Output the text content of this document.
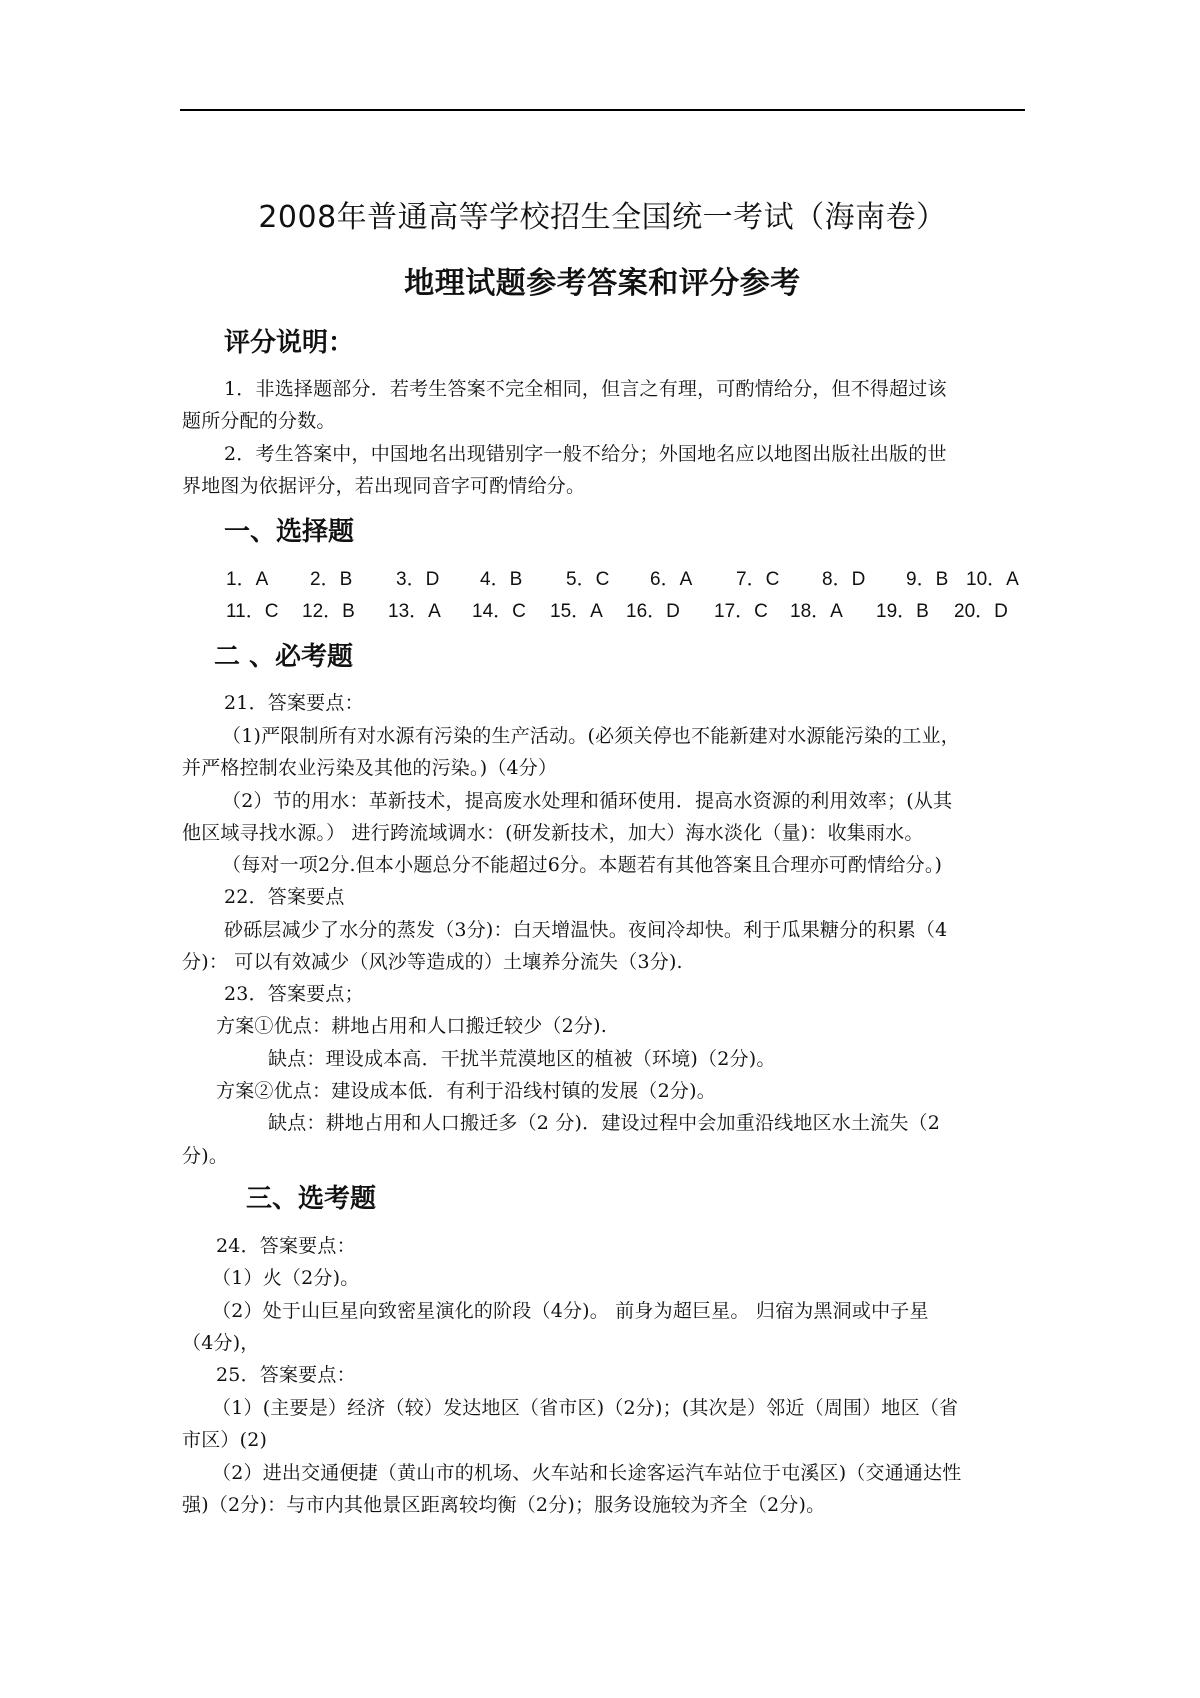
2008年普通高等学校招生全国统一考试（海南卷）
地理试题参考答案和评分参考
评分说明：
1．非选择题部分．若考生答案不完全相同，但言之有理，可酌情给分，但不得超过该
题所分配的分数。
2．考生答案中，中国地名出现错别字一般不给分；外国地名应以地图出版社出版的世
界地图为依据评分，若出现同音字可酌情给分。
一、选择题
1．A 2．B 3．D 4．B 5．C 6．A 7．C 8．D 9．B 10．A
11．C 12．B 13．A 14．C 15．A 16．D 17．C 18．A 19．B 20．D
二 、必考题
21．答案要点：
（1)严限制所有对水源有污染的生产活动。(必须关停也不能新建对水源能污染的工业，
并严格控制农业污染及其他的污染。)（4分）
（2）节的用水：革新技术，提高废水处理和循环使用．提高水资源的利用效率；(从其
他区域寻找水源。） 进行跨流域调水：(研发新技术，加大）海水淡化（量)：收集雨水。
（每对一项2分.但本小题总分不能超过6分。本题若有其他答案且合理亦可酌情给分。)
22．答案要点
砂砾层减少了水分的蒸发（3分)：白天增温快。夜间冷却快。利于瓜果糖分的积累（4
分)： 可以有效减少（风沙等造成的）土壤养分流失（3分).
23．答案要点；
方案①优点：耕地占用和人口搬迁较少（2分).
缺点：理设成本高．干扰半荒漠地区的植被（环境)（2分)。
方案②优点：建设成本低．有利于沿线村镇的发展（2分)。
缺点：耕地占用和人口搬迁多（2 分)．建设过程中会加重沿线地区水土流失（2
分)。
三、选考题
24．答案要点：
（1）火（2分)。
（2）处于山巨星向致密星演化的阶段（4分)。 前身为超巨星。 归宿为黑洞或中子星
（4分)，
25．答案要点：
（1）(主要是）经济（较）发达地区（省市区)（2分)；(其次是）邻近（周围）地区（省
市区）(2)
（2）进出交通便捷（黄山市的机场、火车站和长途客运汽车站位于屯溪区)（交通通达性
强)（2分)：与市内其他景区距离较均衡（2分)；服务设施较为齐全（2分)。
